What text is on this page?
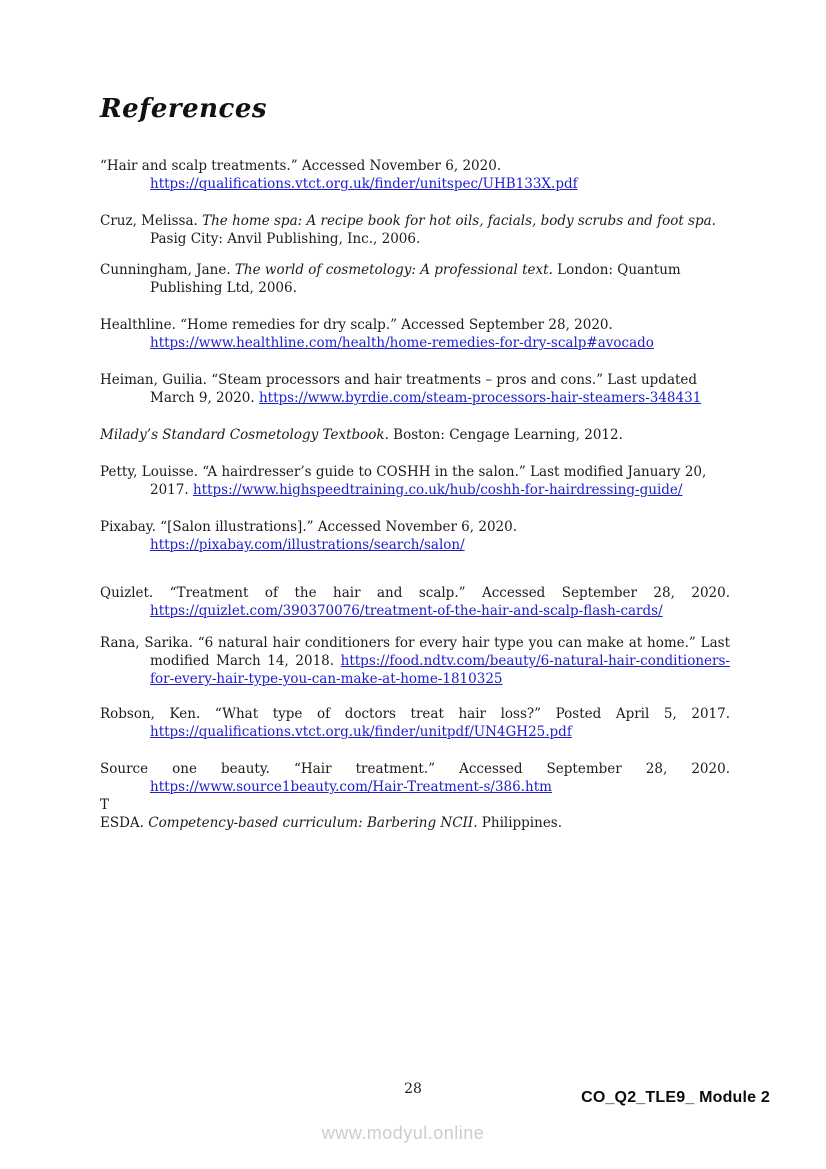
References

“Hair and scalp treatments.” Accessed November 6, 2020. https://qualifications.vtct.org.uk/finder/unitspec/UHB133X.pdf

Cruz, Melissa. The home spa: A recipe book for hot oils, facials, body scrubs and foot spa. Pasig City: Anvil Publishing, Inc., 2006.

Cunningham, Jane. The world of cosmetology: A professional text. London: Quantum Publishing Ltd, 2006.

Healthline. “Home remedies for dry scalp.” Accessed September 28, 2020. https://www.healthline.com/health/home-remedies-for-dry-scalp#avocado

Heiman, Guilia. “Steam processors and hair treatments – pros and cons.” Last updated March 9, 2020. https://www.byrdie.com/steam-processors-hair-steamers-348431

Milady’s Standard Cosmetology Textbook. Boston: Cengage Learning, 2012.

Petty, Louisse. “A hairdresser’s guide to COSHH in the salon.” Last modified January 20, 2017. https://www.highspeedtraining.co.uk/hub/coshh-for-hairdressing-guide/

Pixabay. “[Salon illustrations].” Accessed November 6, 2020. https://pixabay.com/illustrations/search/salon/

Quizlet. “Treatment of the hair and scalp.” Accessed September 28, 2020. https://quizlet.com/390370076/treatment-of-the-hair-and-scalp-flash-cards/

Rana, Sarika. “6 natural hair conditioners for every hair type you can make at home.” Last modified March 14, 2018. https://food.ndtv.com/beauty/6-natural-hair-conditioners-for-every-hair-type-you-can-make-at-home-1810325

Robson, Ken. “What type of doctors treat hair loss?” Posted April 5, 2017. https://qualifications.vtct.org.uk/finder/unitpdf/UN4GH25.pdf

Source one beauty. “Hair treatment.” Accessed September 28, 2020. https://www.source1beauty.com/Hair-Treatment-s/386.htm

T

ESDA. Competency-based curriculum: Barbering NCII. Philippines.

28	CO_Q2_TLE9_ Module 2
www.modyul.online
